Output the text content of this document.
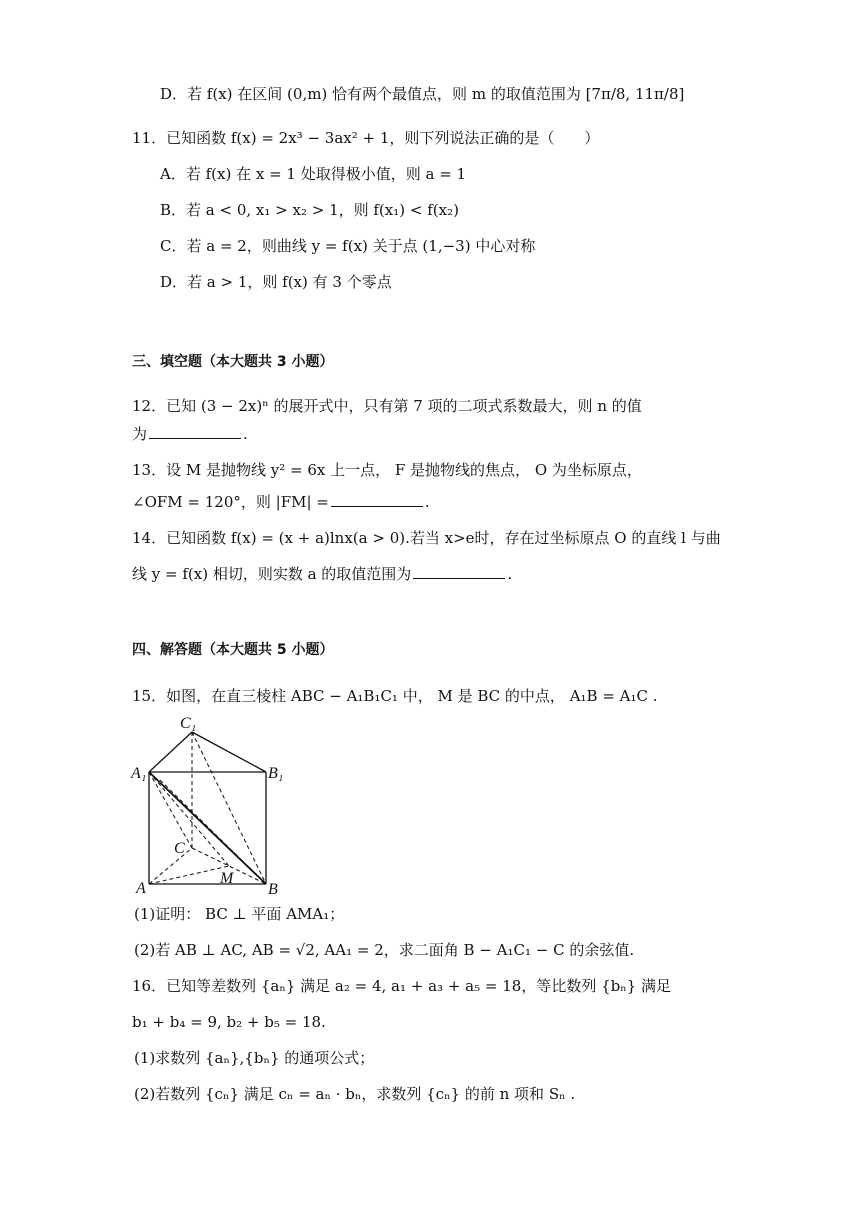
D．若 f(x) 在区间 (0,m) 恰有两个最值点，则 m 的取值范围为 [7π/8, 11π/8]
11．已知函数 f(x) = 2x³ − 3ax² + 1，则下列说法正确的是（　　）
A．若 f(x) 在 x = 1 处取得极小值，则 a = 1
B．若 a < 0, x₁ > x₂ > 1，则 f(x₁) < f(x₂)
C．若 a = 2，则曲线 y = f(x) 关于点 (1,−3) 中心对称
D．若 a > 1，则 f(x) 有 3 个零点
三、填空题（本大题共 3 小题）
12．已知 (3 − 2x)ⁿ 的展开式中，只有第 7 项的二项式系数最大，则 n 的值
为	.
13．设 M 是抛物线 y² = 6x 上一点， F 是抛物线的焦点， O 为坐标原点，
∠OFM = 120°，则 |FM| =	.
14．已知函数 f(x) = (x + a)lnx(a > 0).若当 x>e时，存在过坐标原点 O 的直线 l 与曲
线 y = f(x) 相切，则实数 a 的取值范围为	.
四、解答题（本大题共 5 小题）
15．如图，在直三棱柱 ABC − A₁B₁C₁ 中， M 是 BC 的中点， A₁B = A₁C .
C₁
A₁	B₁
C
A
M
B
(1)证明： BC ⊥ 平面 AMA₁；
(2)若 AB ⊥ AC, AB = √2, AA₁ = 2，求二面角 B − A₁C₁ − C 的余弦值.
16．已知等差数列 {aₙ} 满足 a₂ = 4, a₁ + a₃ + a₅ = 18，等比数列 {bₙ} 满足
b₁ + b₄ = 9, b₂ + b₅ = 18.
(1)求数列 {aₙ},{bₙ} 的通项公式；
(2)若数列 {cₙ} 满足 cₙ = aₙ · bₙ，求数列 {cₙ} 的前 n 项和 Sₙ .
